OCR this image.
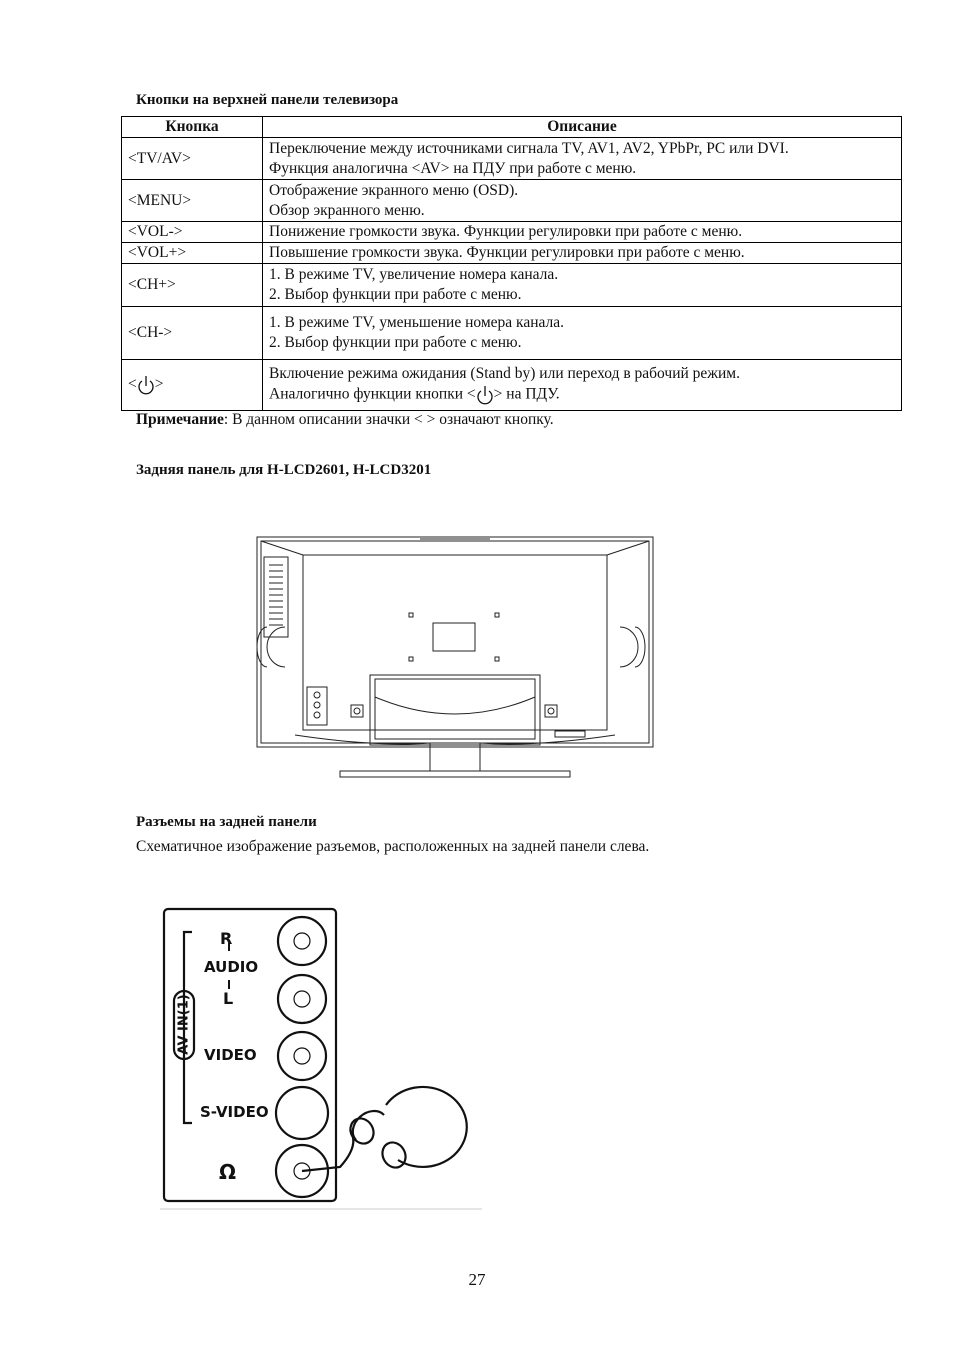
Кнопки на верхней панели телевизора
Кнопка	Описание
<TV/AV>	Переключение между источниками сигнала TV, AV1, AV2, YPbPr, PC или DVI.
Функция аналогична <AV> на ПДУ при работе с меню.

<MENU>	Отображение экранного меню (OSD).
Обзор экранного меню.

<VOL->	Понижение громкости звука. Функции регулировки при работе с меню.
<VOL+>	Повышение громкости звука. Функции регулировки при работе с меню.
<CH+>	1. В режиме TV, увеличение номера канала.
2. Выбор функции при работе с меню.

<CH->	1. В режиме TV, уменьшение номера канала.
2. Выбор функции при работе с меню.

< >	Включение режима ожидания (Stand by) или переход в рабочий режим.
Аналогично функции кнопки < > на ПДУ.
Примечание: В данном описании значки < > означают кнопку.
Задняя панель для H-LCD2601, H-LCD3201
Разъемы на задней панели
Схематичное изображение разъемов, расположенных на задней панели слева.
R
AUDIO
L
AV IN(1)
VIDEO
S-VIDEO
Ω
27
